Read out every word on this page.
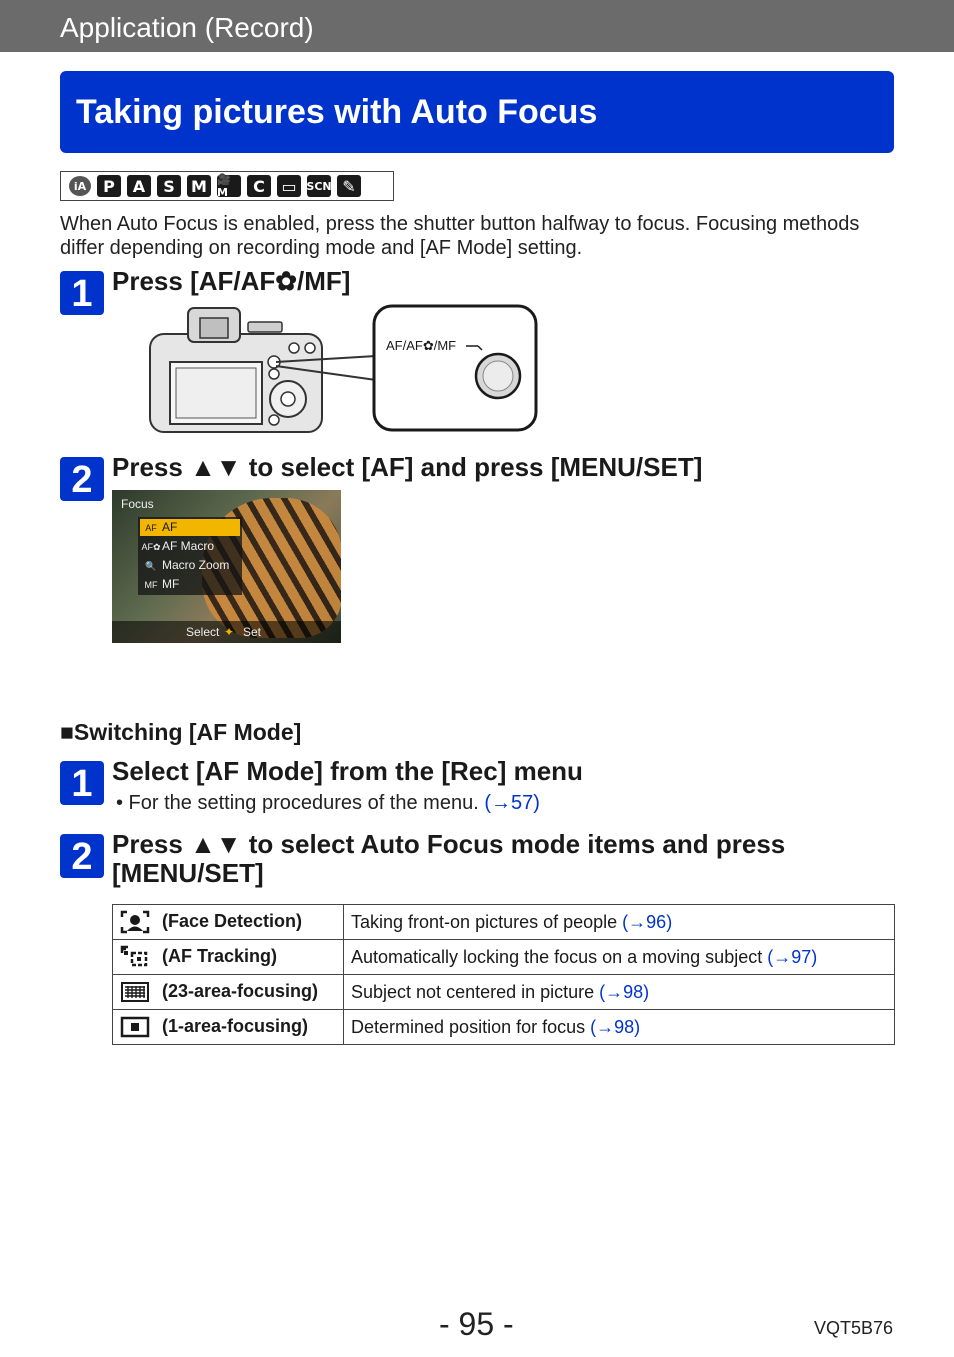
Application (Record)
Taking pictures with Auto Focus
iA	P	A	S	M 🎥M	C	▭ SCN ✎
When Auto Focus is enabled, press the shutter button halfway to focus. Focusing methods differ depending on recording mode and [AF Mode] setting.
1 Press [AF/AF✿/MF]
AF/AF✿/MF
2 Press ▲▼ to select [AF] and press [MENU/SET]
Focus
AF AF
AF✿AF Macro
🔍 Macro Zoom
MF MF
Select ✦ Set
■Switching [AF Mode]
1 Select [AF Mode] from the [Rec] menu
• For the setting procedures of the menu. (→57)
2 Press ▲▼ to select Auto Focus mode items and press
[MENU/SET]
(Face Detection)	Taking front-on pictures of people (→96)
(AF Tracking)	Automatically locking the focus on a moving subject (→97)
(23-area-focusing)	Subject not centered in picture (→98)
(1-area-focusing)	Determined position for focus (→98)
- 95 -	VQT5B76
